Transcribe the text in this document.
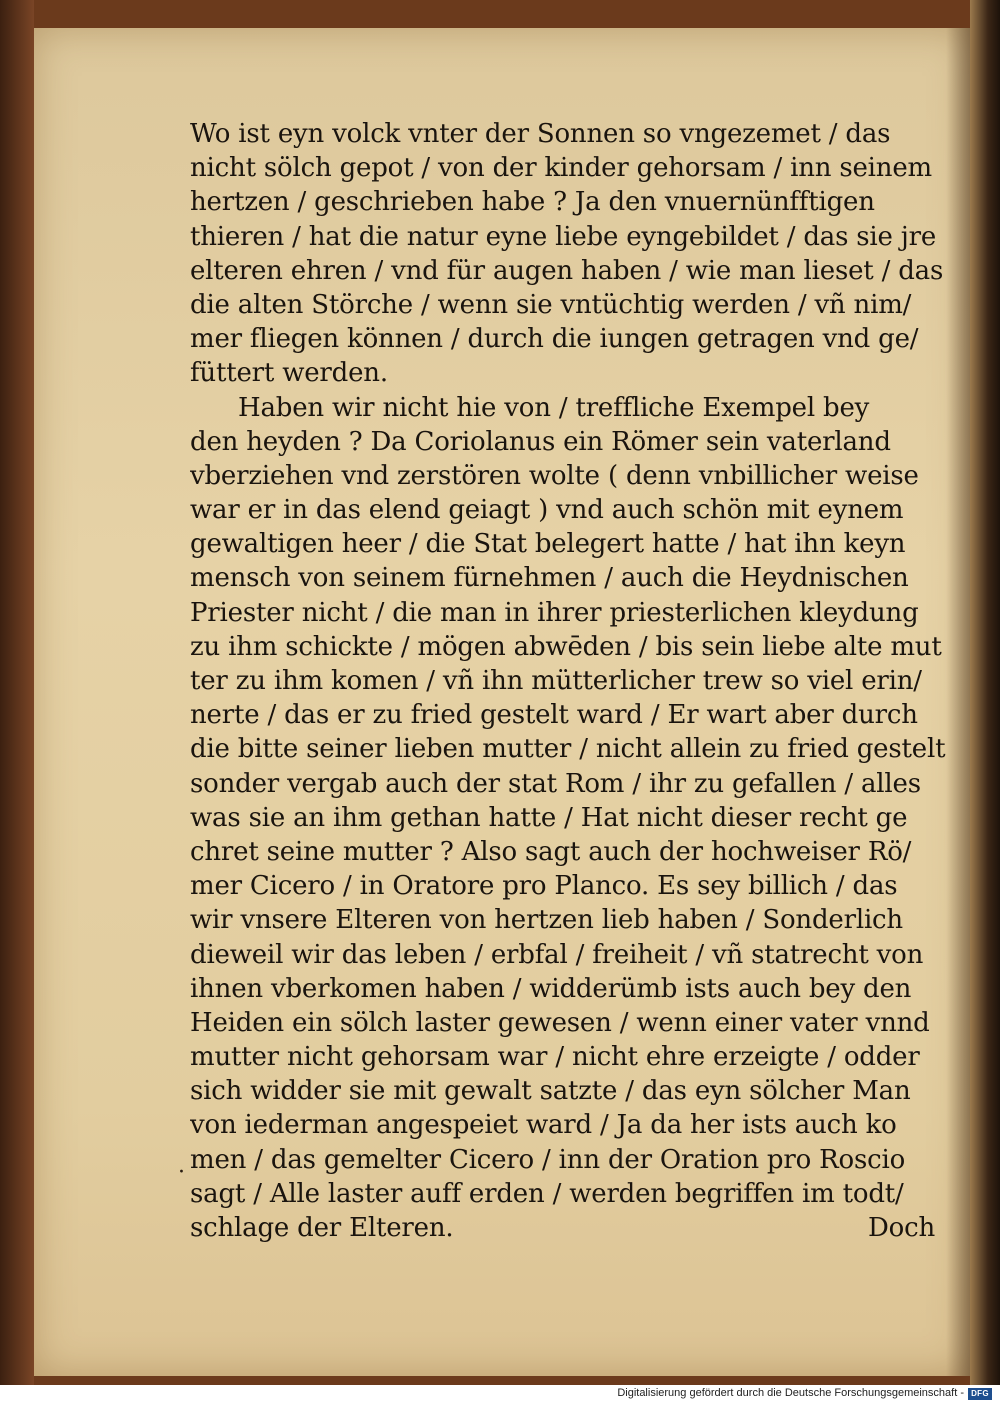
Wo ist eyn volck vnter der Sonnen so vngezemet / das
nicht sölch gepot / von der kinder gehorsam / inn seinem
hertzen / geschrieben habe ? Ja den vnuernünfftigen
thieren / hat die natur eyne liebe eyngebildet / das sie jre
elteren ehren / vnd für augen haben / wie man lieset / das
die alten Störche / wenn sie vntüchtig werden / vñ nim/
mer fliegen können / durch die iungen getragen vnd ge/
füttert werden.
Haben wir nicht hie von / treffliche Exempel bey
den heyden ? Da Coriolanus ein Römer sein vaterland
vberziehen vnd zerstören wolte ( denn vnbillicher weise
war er in das elend geiagt ) vnd auch schön mit eynem
gewaltigen heer / die Stat belegert hatte / hat ihn keyn
mensch von seinem fürnehmen / auch die Heydnischen
Priester nicht / die man in ihrer priesterlichen kleydung
zu ihm schickte / mögen abwēden / bis sein liebe alte mut
ter zu ihm komen / vñ ihn mütterlicher trew so viel erin/
nerte / das er zu fried gestelt ward / Er wart aber durch
die bitte seiner lieben mutter / nicht allein zu fried gestelt
sonder vergab auch der stat Rom / ihr zu gefallen / alles
was sie an ihm gethan hatte / Hat nicht dieser recht ge
chret seine mutter ? Also sagt auch der hochweiser Rö/
mer Cicero / in Oratore pro Planco. Es sey billich / das
wir vnsere Elteren von hertzen lieb haben / Sonderlich
dieweil wir das leben / erbfal / freiheit / vñ statrecht von
ihnen vberkomen haben / widderümb ists auch bey den
Heiden ein sölch laster gewesen / wenn einer vater vnnd
mutter nicht gehorsam war / nicht ehre erzeigte / odder
sich widder sie mit gewalt satzte / das eyn sölcher Man
von iederman angespeiet ward / Ja da her ists auch ko
men / das gemelter Cicero / inn der Oration pro Roscio
sagt / Alle laster auff erden / werden begriffen im todt/
schlage der Elteren.	Doch
·
Digitalisierung gefördert durch die Deutsche Forschungsgemeinschaft - DFG
